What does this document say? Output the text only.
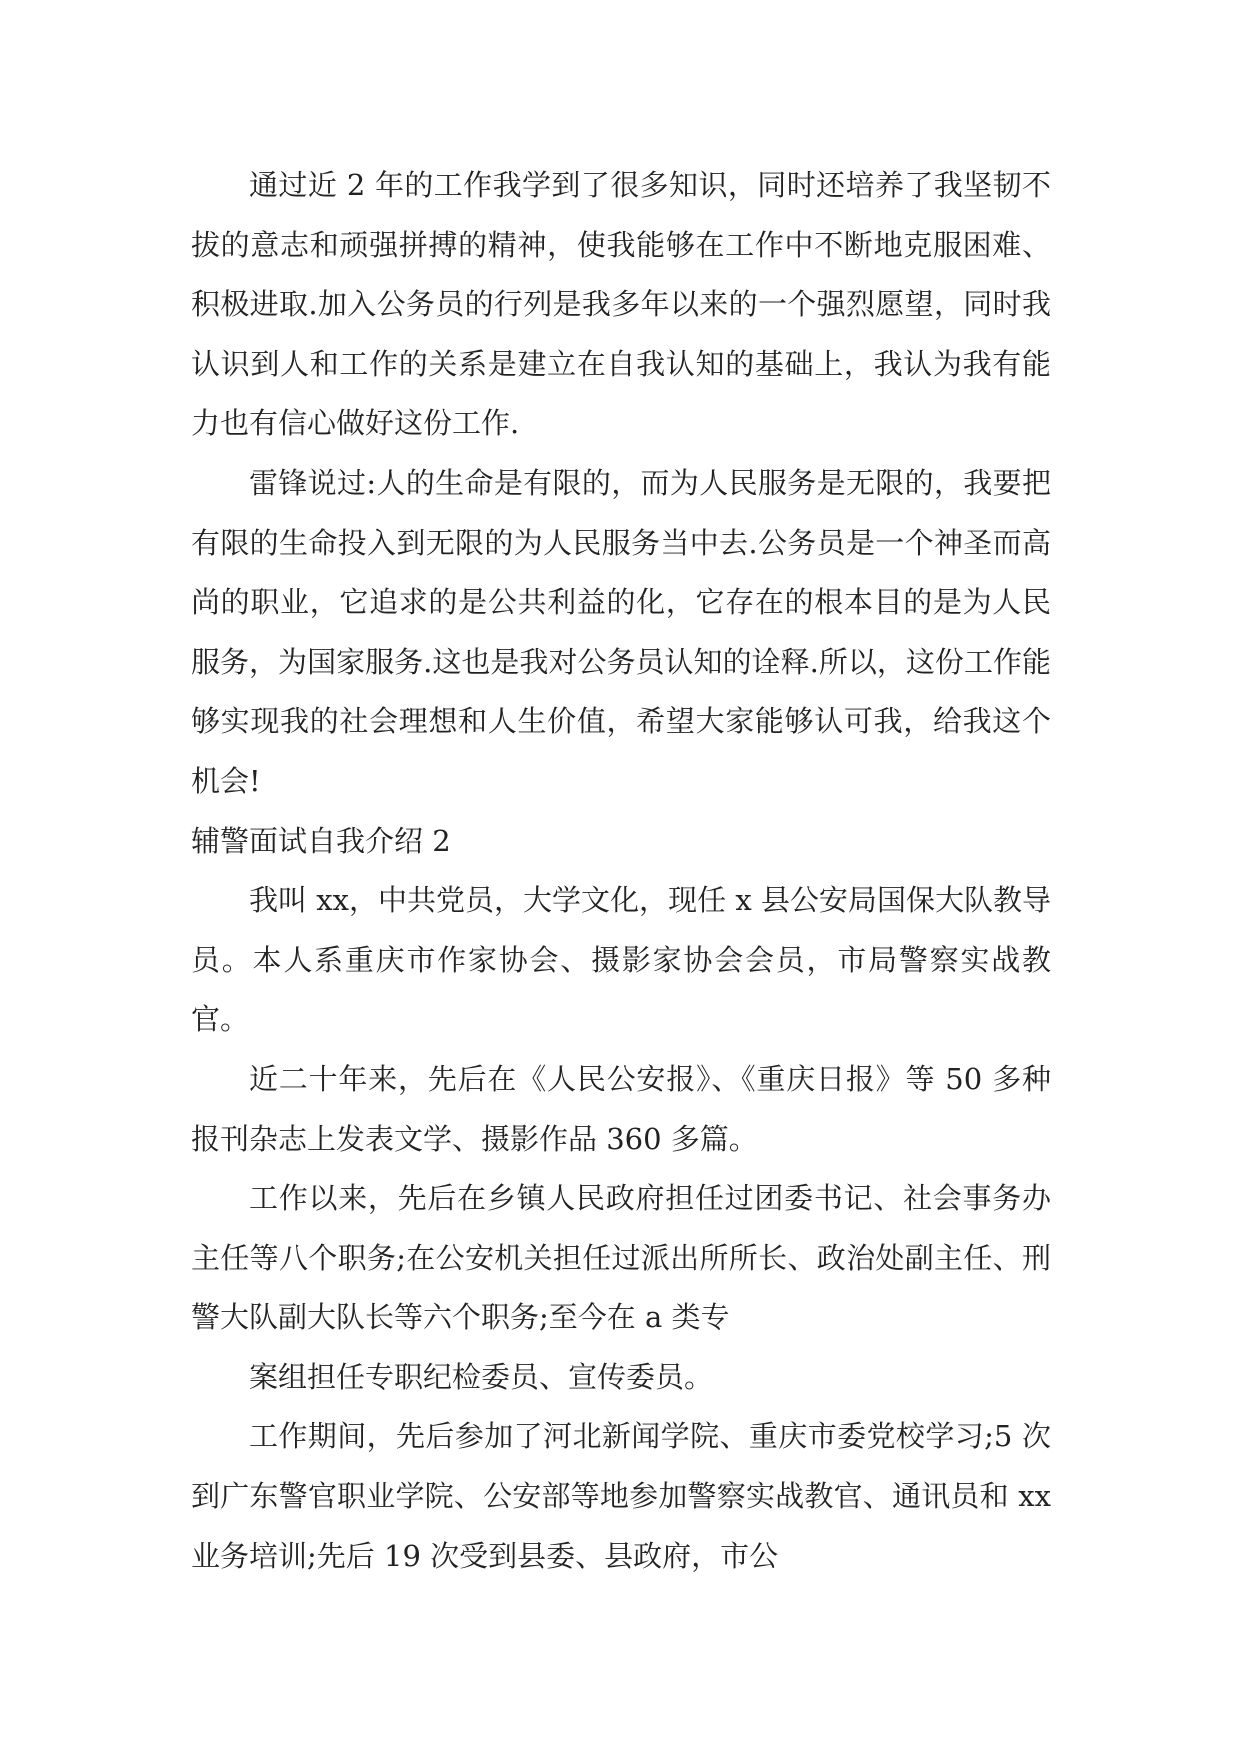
通过近 2 年的工作我学到了很多知识，同时还培养了我坚韧不拔的意志和顽强拼搏的精神，使我能够在工作中不断地克服困难、积极进取.加入公务员的行列是我多年以来的一个强烈愿望，同时我认识到人和工作的关系是建立在自我认知的基础上，我认为我有能力也有信心做好这份工作.

雷锋说过:人的生命是有限的，而为人民服务是无限的，我要把有限的生命投入到无限的为人民服务当中去.公务员是一个神圣而高尚的职业，它追求的是公共利益的化，它存在的根本目的是为人民服务，为国家服务.这也是我对公务员认知的诠释.所以，这份工作能够实现我的社会理想和人生价值，希望大家能够认可我，给我这个机会!

辅警面试自我介绍 2

我叫 xx，中共党员，大学文化，现任 x 县公安局国保大队教导员。本人系重庆市作家协会、摄影家协会会员，市局警察实战教官。

近二十年来，先后在《人民公安报》、《重庆日报》等 50 多种报刊杂志上发表文学、摄影作品 360 多篇。

工作以来，先后在乡镇人民政府担任过团委书记、社会事务办主任等八个职务;在公安机关担任过派出所所长、政治处副主任、刑警大队副大队长等六个职务;至今在 a 类专

案组担任专职纪检委员、宣传委员。

工作期间，先后参加了河北新闻学院、重庆市委党校学习;5 次到广东警官职业学院、公安部等地参加警察实战教官、通讯员和 xx 业务培训;先后 19 次受到县委、县政府，市公
